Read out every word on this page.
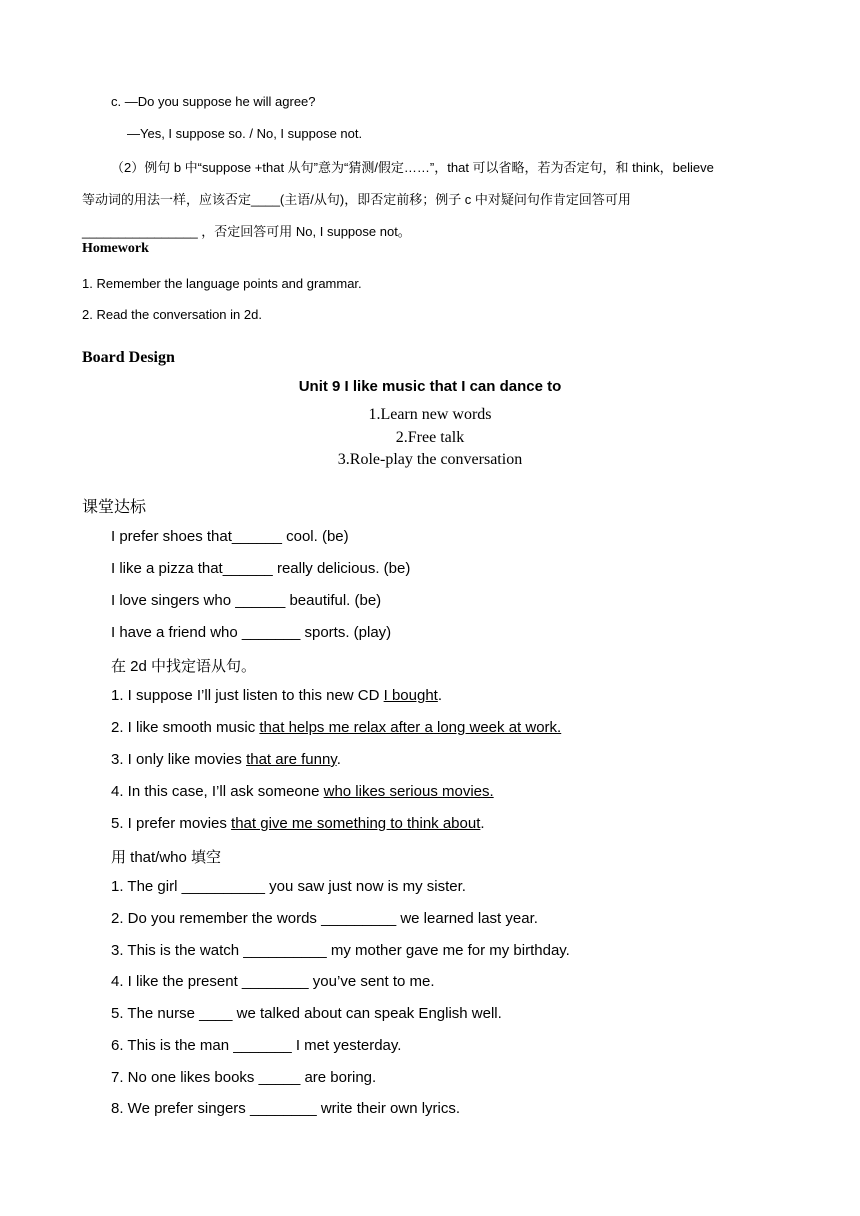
c. —Do you suppose he will agree?
—Yes, I suppose so. / No, I suppose not.
（2）例句 b 中“suppose +that 从句”意为“猜测/假定……”，that 可以省略，若为否定句，和 think，believe
等动词的用法一样，应该否定____(主语/从句)，即否定前移；例子 c 中对疑问句作肯定回答可用
________________ ，否定回答可用 No, I suppose not。
Homework
1. Remember the language points and grammar.
2. Read the conversation in 2d.
Board Design
Unit 9 I like music that I can dance to
1.Learn new words
2.Free talk
3.Role-play the conversation
课堂达标
I prefer shoes that______ cool. (be)
I like a pizza that______ really delicious. (be)
I love singers who ______ beautiful. (be)
I have a friend who _______ sports. (play)
在 2d 中找定语从句。
1. I suppose I’ll just listen to this new CD I bought.
2. I like smooth music that helps me relax after a long week at work.
3. I only like movies that are funny.
4. In this case, I’ll ask someone who likes serious movies.
5. I prefer movies that give me something to think about.
用 that/who 填空
1. The girl __________ you saw just now is my sister.
2. Do you remember the words _________ we learned last year.
3. This is the watch __________ my mother gave me for my birthday.
4. I like the present ________ you’ve sent to me.
5. The nurse ____ we talked about can speak English well.
6. This is the man _______ I met yesterday.
7. No one likes books _____ are boring.
8. We prefer singers ________ write their own lyrics.
